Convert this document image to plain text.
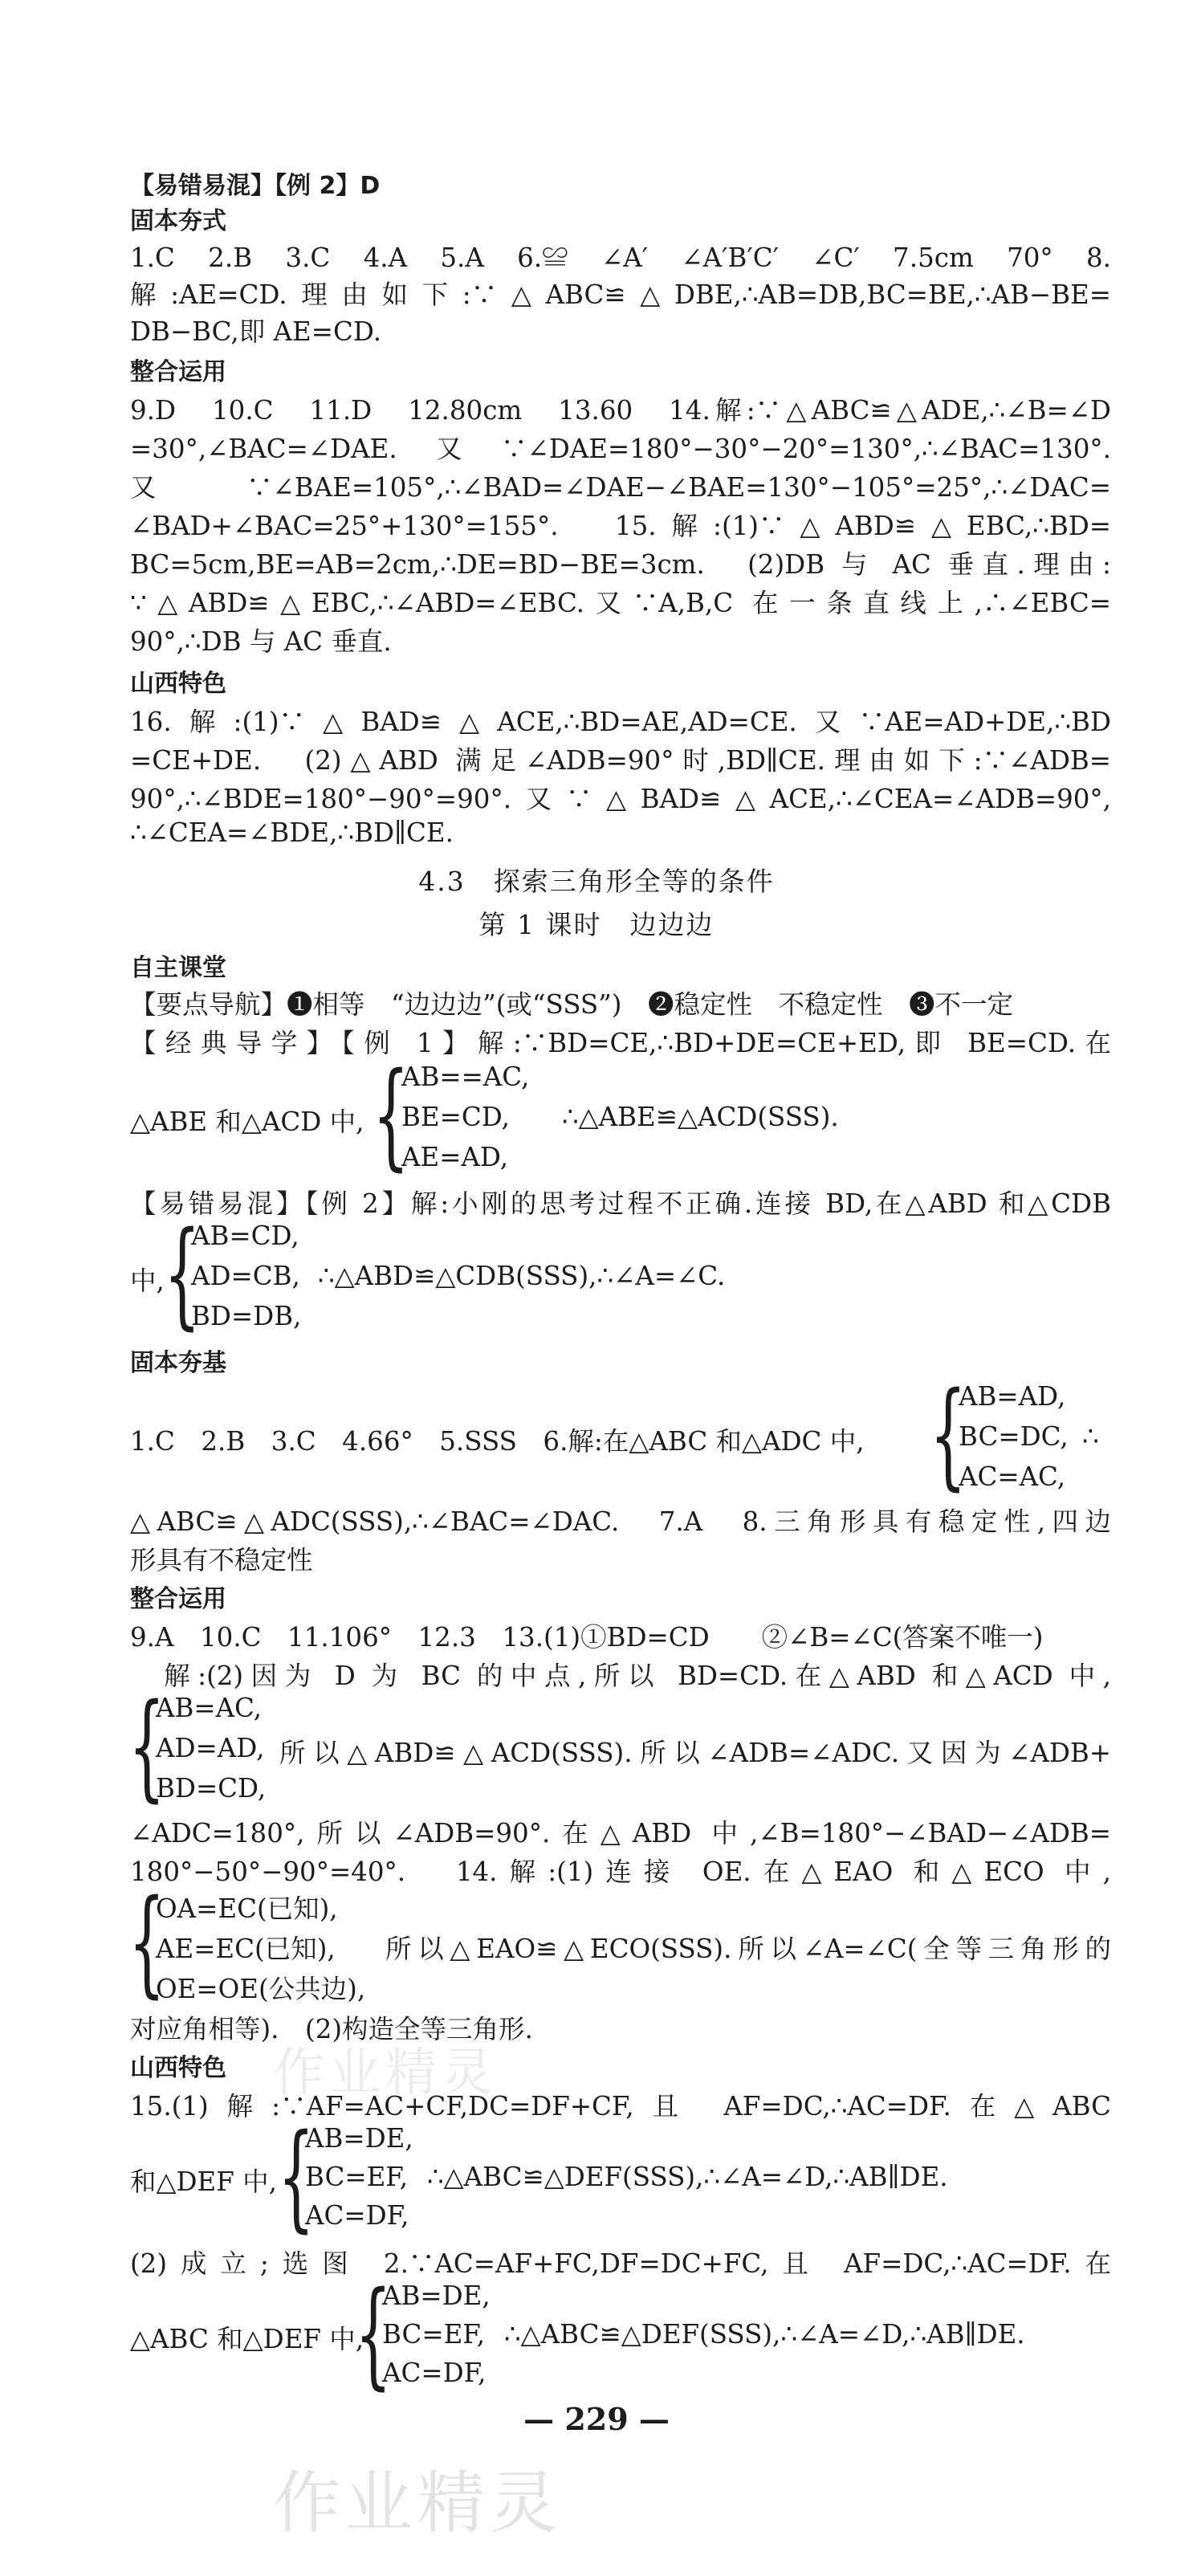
【易错易混】【例 2】D
固本夯式
1.C　2.B　3.C　4.A　5.A　6.≌　∠A′　∠A′B′C′　∠C′　7.5cm　70°　8.
解:AE=CD.理由如下:∵△ABC≌△DBE,∴AB=DB,BC=BE,∴AB−BE=
DB−BC,即 AE=CD.
整合运用
9.D　10.C　11.D　12.80cm　13.60　14.解:∵△ABC≌△ADE,∴∠B=∠D
=30°,∠BAC=∠DAE.又∵∠DAE=180°−30°−20°=130°,∴∠BAC=130°.
又∵∠BAE=105°,∴∠BAD=∠DAE−∠BAE=130°−105°=25°,∴∠DAC=
∠BAD+∠BAC=25°+130°=155°.　15.解:(1)∵△ABD≌△EBC,∴BD=
BC=5cm,BE=AB=2cm,∴DE=BD−BE=3cm.　(2)DB 与 AC 垂直.理由:
∵△ABD≌△EBC,∴∠ABD=∠EBC.又∵A,B,C 在一条直线上,∴∠EBC=
90°,∴DB 与 AC 垂直.
山西特色
16.解:(1)∵△BAD≌△ACE,∴BD=AE,AD=CE.又∵AE=AD+DE,∴BD
=CE+DE.　(2)△ABD 满足∠ADB=90°时,BD∥CE.理由如下:∵∠ADB=
90°,∴∠BDE=180°−90°=90°.又∵△BAD≌△ACE,∴∠CEA=∠ADB=90°,
∴∠CEA=∠BDE,∴BD∥CE.
4.3　探索三角形全等的条件
第 1 课时　边边边
自主课堂
【要点导航】❶相等　“边边边”(或“SSS”)　❷稳定性　不稳定性　❸不一定
【经典导学】【例 1】解:∵BD=CE,∴BD+DE=CE+ED,即 BE=CD.在
△ABE 和△ACD 中, {
AB==AC,
BE=CD,
AE=AD,
∴△ABE≌△ACD(SSS).
【易错易混】【例 2】解:小刚的思考过程不正确.连接 BD,在△ABD 和△CDB
中, {
AB=CD,
AD=CB,
BD=DB,
∴△ABD≌△CDB(SSS),∴∠A=∠C.
固本夯基
1.C　2.B　3.C　4.66°　5.SSS　6.解:在△ABC 和△ADC 中, {
AB=AD,
BC=DC,
AC=AC,
∴
△ABC≌△ADC(SSS),∴∠BAC=∠DAC.　7.A　8.三角形具有稳定性,四边
形具有不稳定性
整合运用
9.A　10.C　11.106°　12.3　13.(1)①BD=CD　　②∠B=∠C(答案不唯一)
　解:(2)因为 D 为 BC 的中点,所以 BD=CD.在△ABD 和△ACD 中,
{
AB=AC,
AD=AD,
BD=CD,
所以△ABD≌△ACD(SSS).所以∠ADB=∠ADC.又因为∠ADB+
∠ADC=180°,所以∠ADB=90°.在△ABD 中,∠B=180°−∠BAD−∠ADB=
180°−50°−90°=40°.　14.解:(1)连接 OE.在△EAO 和△ECO 中,
{
OA=EC(已知),
AE=EC(已知),
OE=OE(公共边),
所以△EAO≌△ECO(SSS).所以∠A=∠C(全等三角形的
对应角相等).　(2)构造全等三角形.
山西特色
15.(1)解:∵AF=AC+CF,DC=DF+CF,且 AF=DC,∴AC=DF.在△ABC
和△DEF 中, {
AB=DE,
BC=EF,
AC=DF,
∴△ABC≌△DEF(SSS),∴∠A=∠D,∴AB∥DE.
(2)成立;选图 2.∵AC=AF+FC,DF=DC+FC,且 AF=DC,∴AC=DF.在
△ABC 和△DEF 中,
{
AB=DE,
BC=EF,
AC=DF,
∴△ABC≌△DEF(SSS),∴∠A=∠D,∴AB∥DE.
— 229 —
作业精灵
作业精灵
